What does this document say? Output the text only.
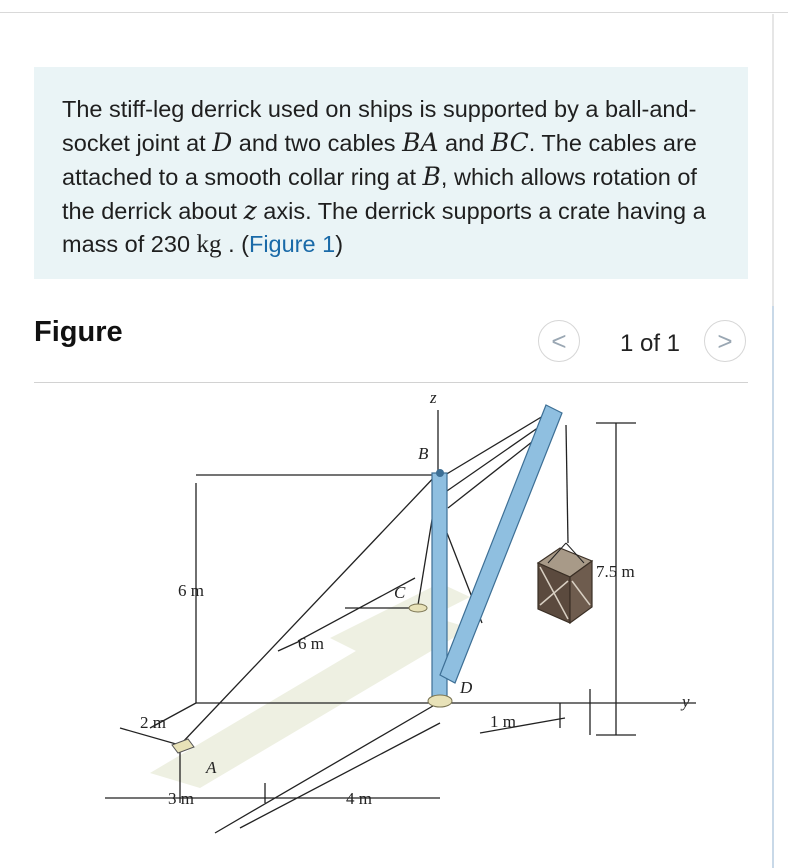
The stiff-leg derrick used on ships is supported by a ball-and-socket joint at D and two cables BA and BC. The cables are attached to a smooth collar ring at B, which allows rotation of the derrick about z axis. The derrick supports a crate having a mass of 230 kg . (Figure 1)

Figure	<	1 of 1	>
z
B
C
D
A
y
6 m
6 m
7.5 m
2 m	1 m
3 m	4 m
